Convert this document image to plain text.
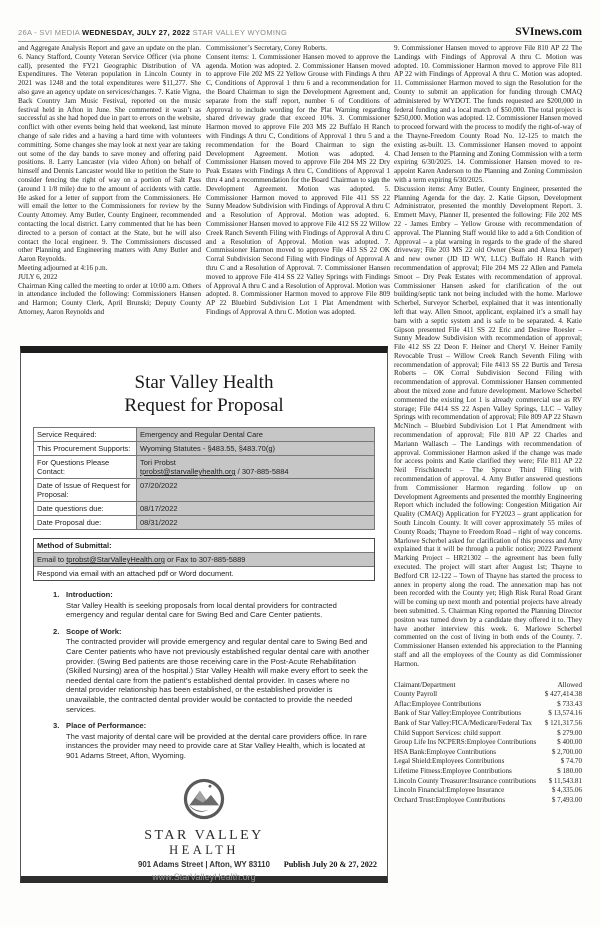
26A - SVI MEDIA WEDNESDAY, JULY 27, 2022 STAR VALLEY WYOMING	SVInews.com

and Aggregate Analysis Report and gave an update on the plan. 6. Nancy Stafford, County Veteran Service Officer (via phone call), presented the FY21 Geographic Distribution of VA Expenditures. The Veteran population in Lincoln County in 2021 was 1248 and the total expenditures were $11,277. She also gave an agency update on services/changes. 7. Katie Vigna, Back Country Jam Music Festival, reported on the music festival held in Afton in June. She commented it wasn’t as successful as she had hoped due in part to errors on the website, conflict with other events being held that weekend, last minute change of sale rides and a having a hard time with volunteers committing. Some changes she may look at next year are taking out some of the day bands to save money and offering paid positions. 8. Larry Lancaster (via video Afton) on behalf of himself and Dennis Lancaster would like to petition the State to consider fencing the right of way on a portion of Salt Pass (around 1 1/8 mile) due to the amount of accidents with cattle. He asked for a letter of support from the Commissioners. He will email the letter to the Commissioners for review by the County Attorney. Amy Butler, County Engineer, recommended contacting the local district. Larry commented that he has been directed to a person of contact at the State, but he will also contact the local engineer. 9. The Commissioners discussed other Planning and Engineering matters with Amy Butler and Aaron Reynolds.

Meeting adjourned at 4:16 p.m.

JULY 6, 2022

Chairman King called the meeting to order at 10:00 a.m. Others in attendance included the following: Commissioners Hansen and Harmon; County Clerk, April Brunski; Deputy County Attorney, Aaron Reynolds and

Commissioner’s Secretary, Corey Roberts.

Consent items: 1. Commissioner Hansen moved to approve the agenda. Motion was adopted. 2. Commissioner Hansen moved to approve File 202 MS 22 Yellow Grouse with Findings A thru C, Conditions of Approval 1 thru 6 and a recommendation for the Board Chairman to sign the Development Agreement and, separate from the staff report, number 6 of Conditions of Approval to include wording for the Plat Warning regarding shared driveway grade that exceed 10%. 3. Commissioner Harmon moved to approve File 203 MS 22 Buffalo H Ranch with Findings A thru C, Conditions of Approval 1 thru 5 and a recommendation for the Board Chairman to sign the Development Agreement. Motion was adopted. 4. Commissioner Hansen moved to approve File 204 MS 22 Dry Peak Estates with Findings A thru C, Conditions of Approval 1 thru 4 and a recommendation for the Board Chairman to sign the Development Agreement. Motion was adopted. 5. Commissioner Harmon moved to approved File 411 SS 22 Sunny Meadow Subdivision with Findings of Approval A thru C and a Resolution of Approval. Motion was adopted. 6. Commissioner Hansen moved to approve File 412 SS 22 Willow Creek Ranch Seventh Filing with Findings of Approval A thru C and a Resolution of Approval. Motion was adopted. 7. Commissioner Harmon moved to approve File 413 SS 22 OK Corral Subdivision Second Filing with Findings of Approval A thru C and a Resolution of Approval. 7. Commissioner Hansen moved to approve File 414 SS 22 Valley Springs with Findings of Approval A thru C and a Resolution of Approval. Motion was adopted. 8. Commissioner Harmon moved to approve File 809 AP 22 Bluebird Subdivision Lot 1 Plat Amendment with Findings of Approval A thru C. Motion was adopted.

9. Commissioner Hansen moved to approve File 810 AP 22 The Landings with Findings of Approval A thru C. Motion was adopted. 10. Commissioner Harmon moved to approve File 811 AP 22 with Findings of Approval A thru C. Motion was adopted. 11. Commissioner Harmon moved to sign the Resolution for the County to submit an application for funding through CMAQ administered by WYDOT. The funds requested are $200,000 in federal funding and a local match of $50,000. The total project is $250,000. Motion was adopted. 12. Commissioner Hansen moved to proceed forward with the process to modify the right-of-way of the Thayne-Freedom County Road No. 12-125 to match the existing as-built. 13. Commissioner Hansen moved to appoint Chad Jensen to the Planning and Zoning Commission with a term expiring 6/30/2025. 14. Commissioner Hansen moved to re- appoint Karen Anderson to the Planning and Zoning Commission with a term expiring 6/30/2025.

Discussion items: Amy Butler, County Engineer, presented the Planning Agenda for the day. 2. Katie Gipson, Development Administrator, presented the monthly Development Report. 3. Emmett Mavy, Planner II, presented the following: File 202 MS 22 - James Embry – Yellow Grouse with recommendation of approval. The Planning Staff would like to add a 6th Condition of Approval – a plat warning in regards to the grade of the shared driveway; File 203 MS 22 old Owner (Sean and Alexa Harper) and new owner (JD ID WY, LLC) Buffalo H Ranch with recommendation of approval; File 204 MS 22 Allen and Pamela Smoot – Dry Peak Estates with recommendation of approval. Commissioner Hansen asked for clarification of the out building/septic tank not being included with the home. Marlowe Scherbel, Surveyor Scherbel, explained that it was intentionally left that way. Allen Smoot, applicant, explained it’s a small hay barn with a septic system and is safe to be separated. 4. Katie Gipson presented File 411 SS 22 Eric and Desiree Roesler – Sunny Meadow Subdivision with recommendation of approval; File 412 SS 22 Deon F. Heiner and Cheryl V. Heiner Family Revocable Trust – Willow Creek Ranch Seventh Filing with recommendation of approval; File #413 SS 22 Burtis and Teresa Roberts – OK Corral Subdivision Second Filing with recommendation of approval. Commissioner Hansen commented about the mixed zone and future development. Marlowe Scherbel commented the existing Lot 1 is already commercial use as RV storage; File #414 SS 22 Aspen Valley Springs, LLC – Valley Springs with recommendation of approval; File 809 AP 22 Shawn McNinch – Bluebird Subdivision Lot 1 Plat Amendment with recommendation of approval; File 810 AP 22 Charles and Mariann Wallasch – The Landings with recommendation of approval. Commissioner Harmon asked if the change was made for access points and Katie clarified they were; File 811 AP 22 Neil Frischknecht – The Spruce Third Filing with recommendation of approval. 4. Amy Butler answered questions from Commissioner Harmon regarding follow up on Development Agreements and presented the monthly Engineering Report which included the following: Congestion Mitigation Air Quality (CMAQ) Application for FY2023 – grant application for South Lincoln County. It will cover approximately 55 miles of County Roads; Thayne to Freedom Road – right of way concerns. Marlowe Scherbel asked for clarification of this process and Amy explained that it will be through a public notice; 2022 Pavement Marking Project – HR21302 – the agreement has been fully executed. The project will start after August 1st; Thayne to Bedford CR 12-122 – Town of Thayne has started the process to annex in property along the road. The annexation map has not been recorded with the County yet; High Risk Rural Road Grant will be coming up next month and potential projects have already been submitted. 5. Chairman King reported the Planning Director positon was turned down by a candidate they offered it to. They have another interview this week. 6. Marlowe Scherbel commented on the cost of living in both ends of the County. 7. Commissioner Hansen extended his appreciation to the Planning staff and all the employees of the County as did Commissioner Harmon.

Claimant/Department	Allowed
County Payroll	$ 427,414.38
Aflac:Employee Contributions	$ 733.43
Bank of Star Valley:Employee Contributions	$ 13,574.16
Bank of Star Valley:FICA/Medicare/Federal Tax $ 121,317.56
Child Support Services: child support	$ 279.00
Group Life Ins NCPERS:Employee Contributions	$ 400.00
HSA Bank:Employee Contributions	$ 2,700.00
Legal Shield:Employees Contributions	$ 74.70
Lifetime Fitness:Employee Contributions	$ 180.00
Lincoln County Treasurer:Insurance contributions $ 11,543.81
Lincoln Financial:Employee Insurance	$ 4,335.06
Orchard Trust:Employee Contributions	$ 7,493.00
Star Valley Health
Request for Proposal
Service Required:	Emergency and Regular Dental Care
This Procurement Supports:	Wyoming Statutes - §483.55, §483.70(g)
For Questions Please Contact:
Tori Probst
tprobst@starvalleyhealth.org / 307-885-5884
Date of Issue of Request for Proposal:
07/20/2022
Date questions due:	08/17/2022
Date Proposal due:	08/31/2022
Method of Submittal:
Email to tprobst@StarValleyHealth.org or Fax to 307-885-5889
Respond via email with an attached pdf or Word document.
1. Introduction:
Star Valley Health is seeking proposals from local dental providers for contracted emergency and regular dental care for Swing Bed and Care Center patients.
2. Scope of Work:
The contracted provider will provide emergency and regular dental care to Swing Bed and Care Center patients who have not previously established regular dental care with another provider. (Swing Bed patients are those receiving care in the Post-Acute Rehabilitation (Skilled Nursing) area of the hospital.) Star Valley Health will make every effort to seek the needed dental care from the patient’s established dental provider. In cases where no dental provider relationship has been established, or the established provider is unavailable, the contracted dental provider would be contacted to provide the needed services.
3. Place of Performance:
The vast majority of dental care will be provided at the dental care providers office. In rare instances the provider may need to provide care at Star Valley Health, which is located at 901 Adams Street, Afton, Wyoming.
STAR VALLEY
HEALTH
901 Adams Street | Afton, WY 83110
www.StarValleyHealth.org
Publish July 20 & 27, 2022
